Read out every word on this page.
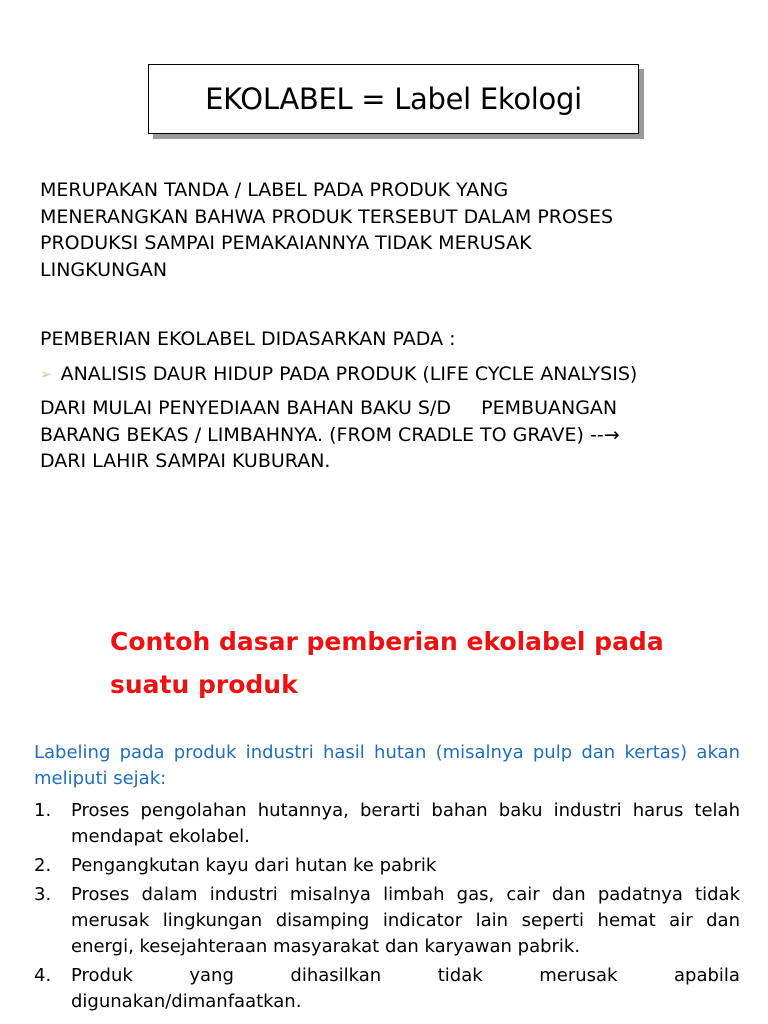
EKOLABEL = Label Ekologi
MERUPAKAN TANDA / LABEL PADA PRODUK YANG
MENERANGKAN BAHWA PRODUK TERSEBUT DALAM PROSES
PRODUKSI SAMPAI PEMAKAIANNYA TIDAK MERUSAK
LINGKUNGAN
PEMBERIAN EKOLABEL DIDASARKAN PADA :
➢ ANALISIS DAUR HIDUP PADA PRODUK (LIFE CYCLE ANALYSIS)
DARI MULAI PENYEDIAAN BAHAN BAKU S/D     PEMBUANGAN
BARANG BEKAS / LIMBAHNYA. (FROM CRADLE TO GRAVE) --→
DARI LAHIR SAMPAI KUBURAN.
Contoh dasar pemberian ekolabel pada
suatu produk
Labeling pada produk industri hasil hutan (misalnya pulp dan kertas) akan meliputi sejak:
1.	Proses pengolahan hutannya, berarti bahan baku industri harus telah mendapat ekolabel.
2.	Pengangkutan kayu dari hutan ke pabrik
3.	Proses dalam industri misalnya limbah gas, cair dan padatnya tidak merusak lingkungan disamping indicator lain seperti hemat air dan energi, kesejahteraan masyarakat dan karyawan pabrik.
4.	Produk	yang	dihasilkan	tidak	merusak	apabila
digunakan/dimanfaatkan.
